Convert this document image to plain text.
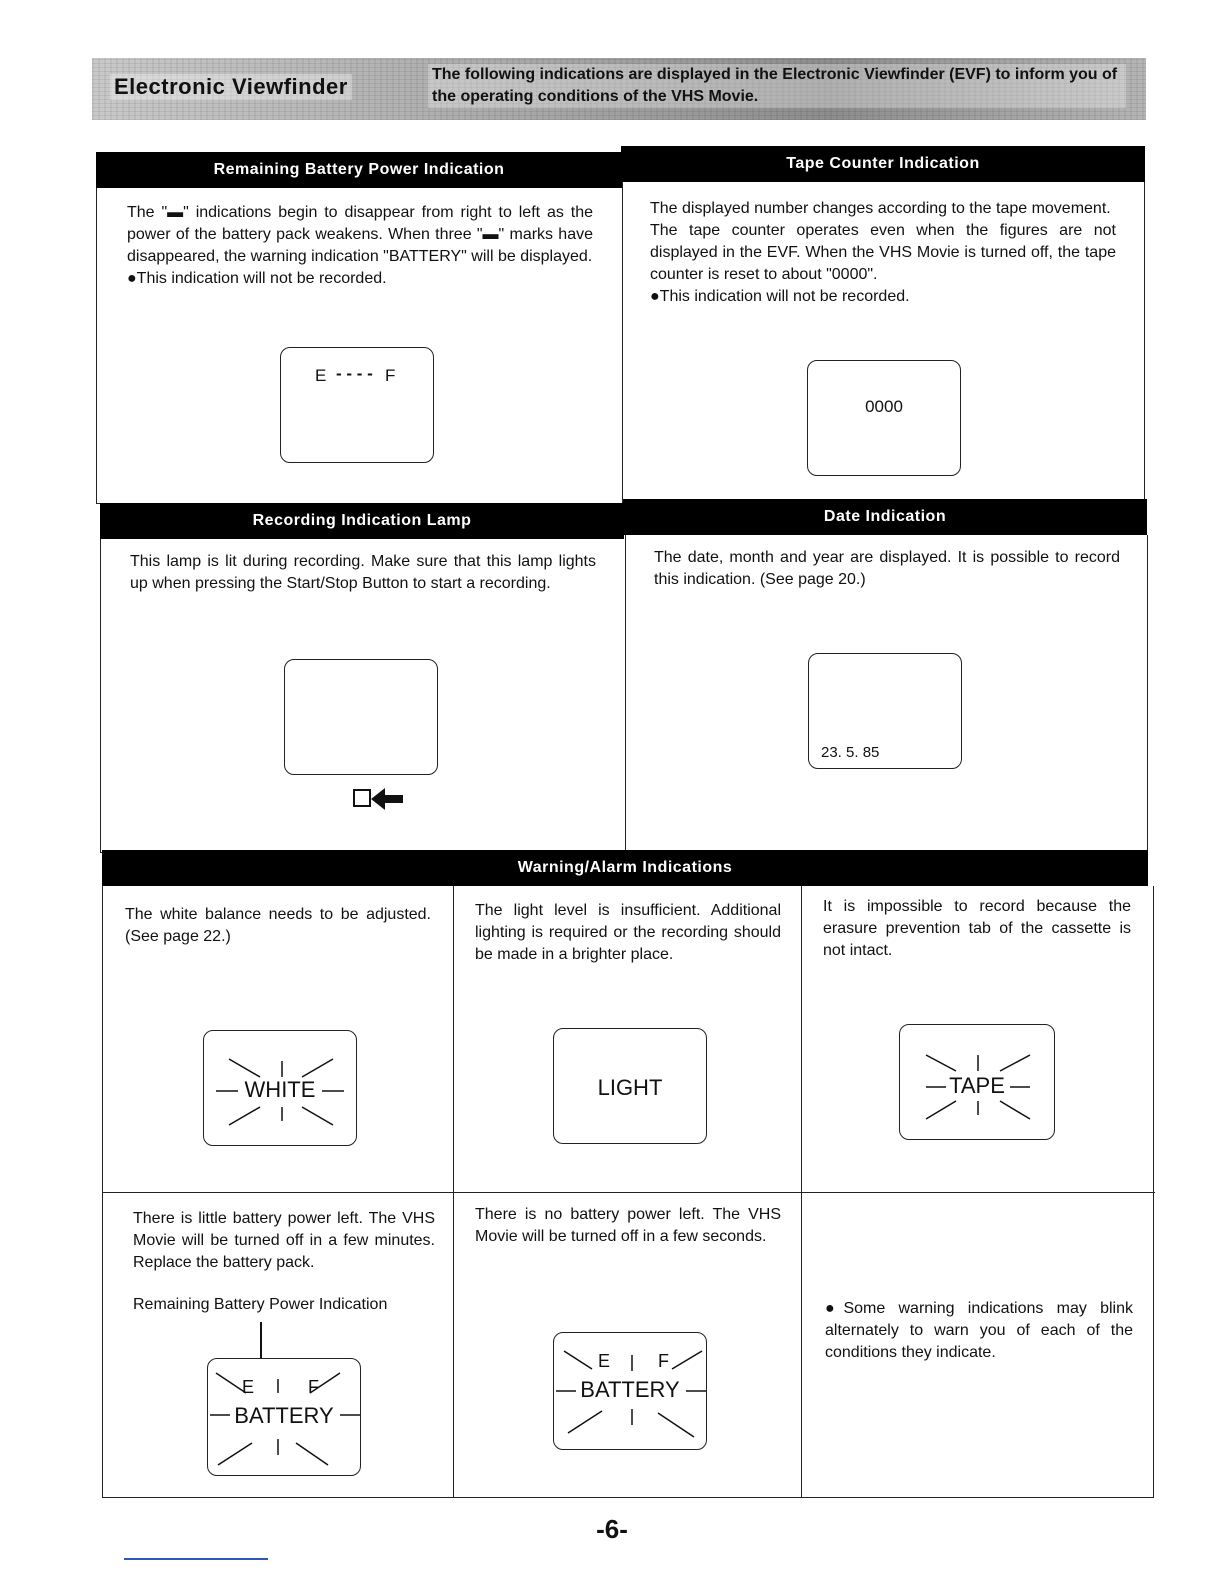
Electronic Viewfinder	The following indications are displayed in the Electronic Viewfinder (EVF) to inform you of the operating conditions of the VHS Movie.

Remaining Battery Power Indication	Tape Counter Indication

The "▬" indications begin to disappear from right to left as the power of the battery pack weakens. When three "▬" marks have disappeared, the warning indication "BATTERY" will be displayed.

●This indication will not be recorded.

E - - - - F

The displayed number changes according to the tape movement.

The tape counter operates even when the figures are not displayed in the EVF. When the VHS Movie is turned off, the tape counter is reset to about "0000".

●This indication will not be recorded.

0000
Recording Indication Lamp	Date Indication

This lamp is lit during recording. Make sure that this lamp lights up when pressing the Start/Stop Button to start a recording.

The date, month and year are displayed. It is possible to record this indication. (See page 20.)

23. 5. 85
Warning/Alarm Indications

The white balance needs to be adjusted. (See page 22.)

WHITE

The light level is insufficient. Additional lighting is required or the recording should be made in a brighter place.

LIGHT

It is impossible to record because the erasure prevention tab of the cassette is not intact.

TAPE

There is little battery power left. The VHS Movie will be turned off in a few minutes. Replace the battery pack.

Remaining Battery Power Indication

E	F
BATTERY

There is no battery power left. The VHS Movie will be turned off in a few seconds.

E	F
BATTERY

●Some warning indications may blink alternately to warn you of each of the conditions they indicate.

-6-
